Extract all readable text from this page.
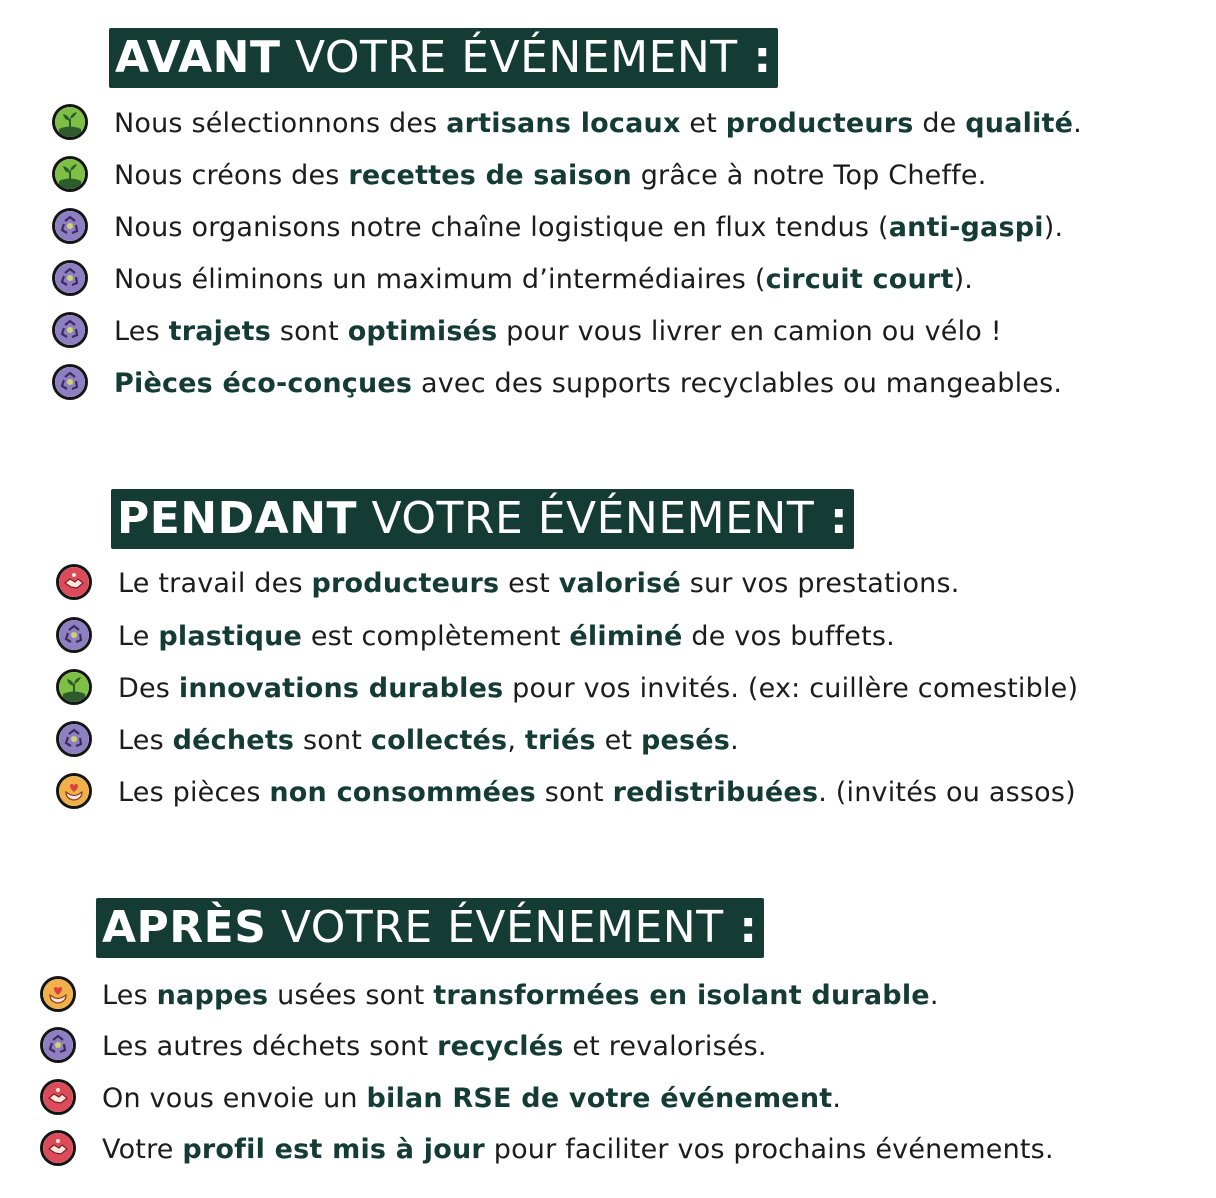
AVANT VOTRE ÉVÉNEMENT :
Nous sélectionnons des artisans locaux et producteurs de qualité.
Nous créons des recettes de saison grâce à notre Top Cheffe.
Nous organisons notre chaîne logistique en flux tendus (anti-gaspi).
Nous éliminons un maximum d’intermédiaires (circuit court).
Les trajets sont optimisés pour vous livrer en camion ou vélo !
Pièces éco-conçues avec des supports recyclables ou mangeables.
PENDANT VOTRE ÉVÉNEMENT :
Le travail des producteurs est valorisé sur vos prestations.
Le plastique est complètement éliminé de vos buffets.
Des innovations durables pour vos invités. (ex: cuillère comestible)
Les déchets sont collectés, triés et pesés.
Les pièces non consommées sont redistribuées. (invités ou assos)
APRÈS VOTRE ÉVÉNEMENT :
Les nappes usées sont transformées en isolant durable.
Les autres déchets sont recyclés et revalorisés.
On vous envoie un bilan RSE de votre événement.
Votre profil est mis à jour pour faciliter vos prochains événements.
